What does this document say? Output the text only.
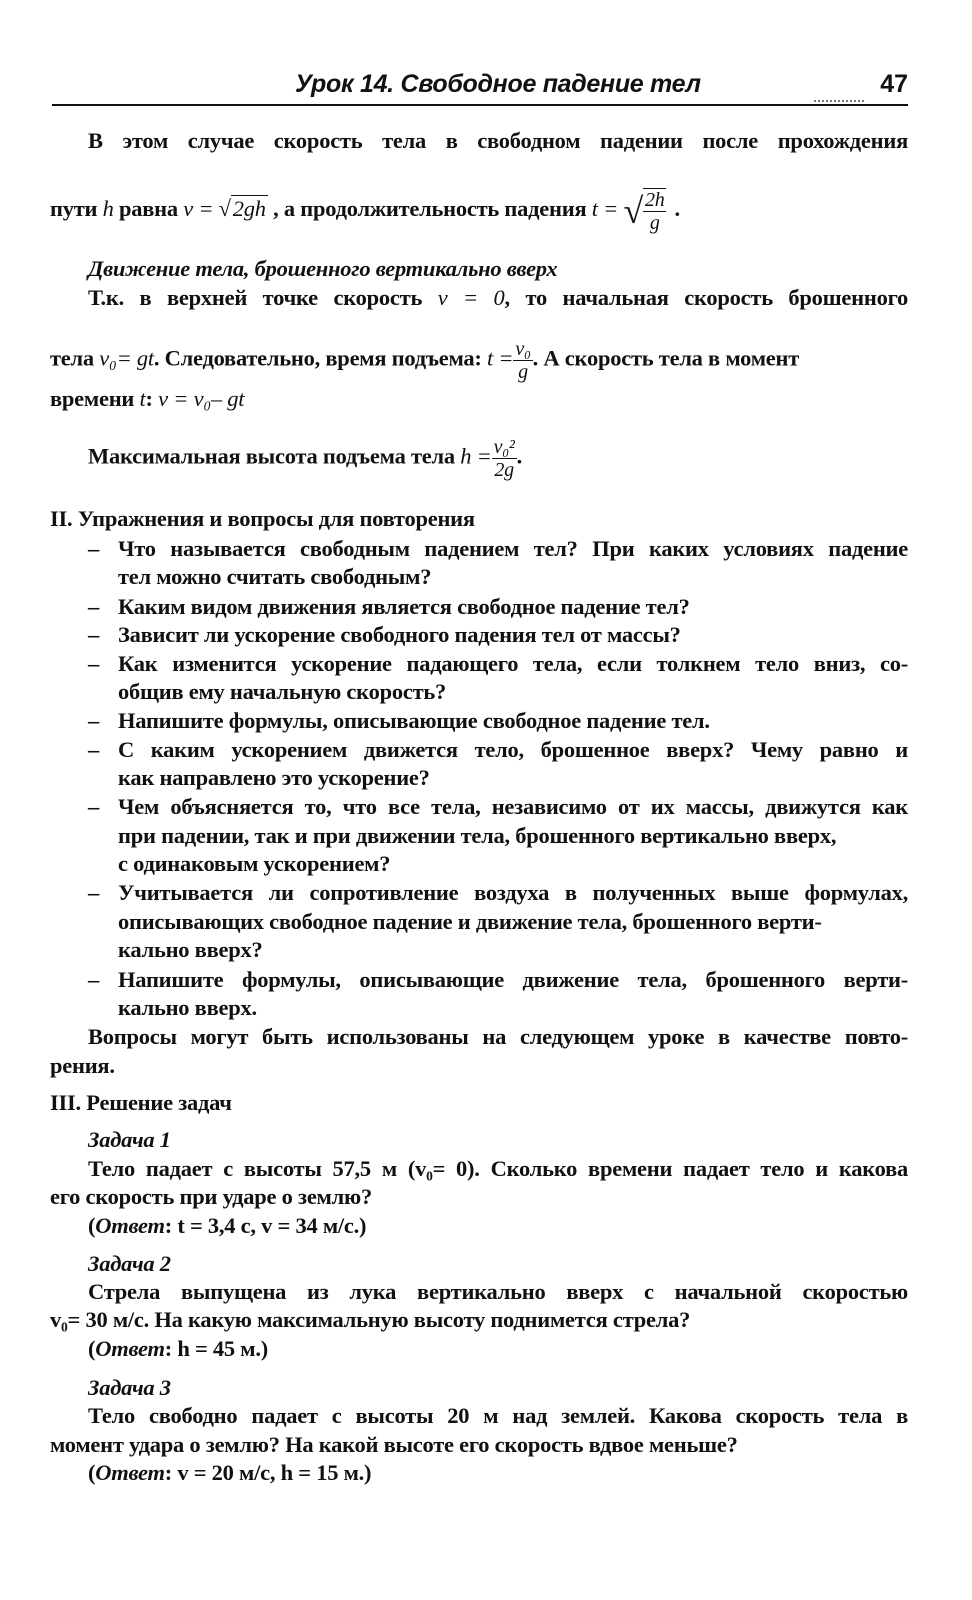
Урок 14. Свободное падение тел	47
В этом случае скорость тела в свободном падении после прохождения
пути h равна v = √2gh , а продолжительность падения t = √ $\frac{2h}{g}$ .
Движение тела, брошенного вертикально вверх
Т.к. в верхней точке скорость v = 0, то начальная скорость брошенного
тела v₀= gt. Следовательно, время подъема: $t = \frac{\text{v₀}}{g}$ . А скорость тела в момент
времени t: v = v₀– gt
Максимальная высота подъема тела $h = \frac{\text{v₀²}}{2g}$ .
II. Упражнения и вопросы для повторения
– Что называется свободным падением тел? При каких условиях падение
тел можно считать свободным?
– Каким видом движения является свободное падение тел?
– Зависит ли ускорение свободного падения тел от массы?
– Как изменится ускорение падающего тела, если толкнем тело вниз, со-
общив ему начальную скорость?
– Напишите формулы, описывающие свободное падение тел.
– С каким ускорением движется тело, брошенное вверх? Чему равно и
как направлено это ускорение?
– Чем объясняется то, что все тела, независимо от их массы, движутся как
при падении, так и при движении тела, брошенного вертикально вверх,
с одинаковым ускорением?
– Учитывается ли сопротивление воздуха в полученных выше формулах,
описывающих свободное падение и движение тела, брошенного верти-
кально вверх?
– Напишите формулы, описывающие движение тела, брошенного верти-
кально вверх.
Вопросы могут быть использованы на следующем уроке в качестве повто-
рения.
III. Решение задач
Задача 1
Тело падает с высоты 57,5 м (v₀= 0). Сколько времени падает тело и какова
его скорость при ударе о землю?
(Ответ: t = 3,4 с, v = 34 м/с.)
Задача 2
Стрела выпущена из лука вертикально вверх с начальной скоростью
v₀= 30 м/с. На какую максимальную высоту поднимется стрела?
(Ответ: h = 45 м.)
Задача 3
Тело свободно падает с высоты 20 м над землей. Какова скорость тела в
момент удара о землю? На какой высоте его скорость вдвое меньше?
(Ответ: v = 20 м/с, h = 15 м.)
